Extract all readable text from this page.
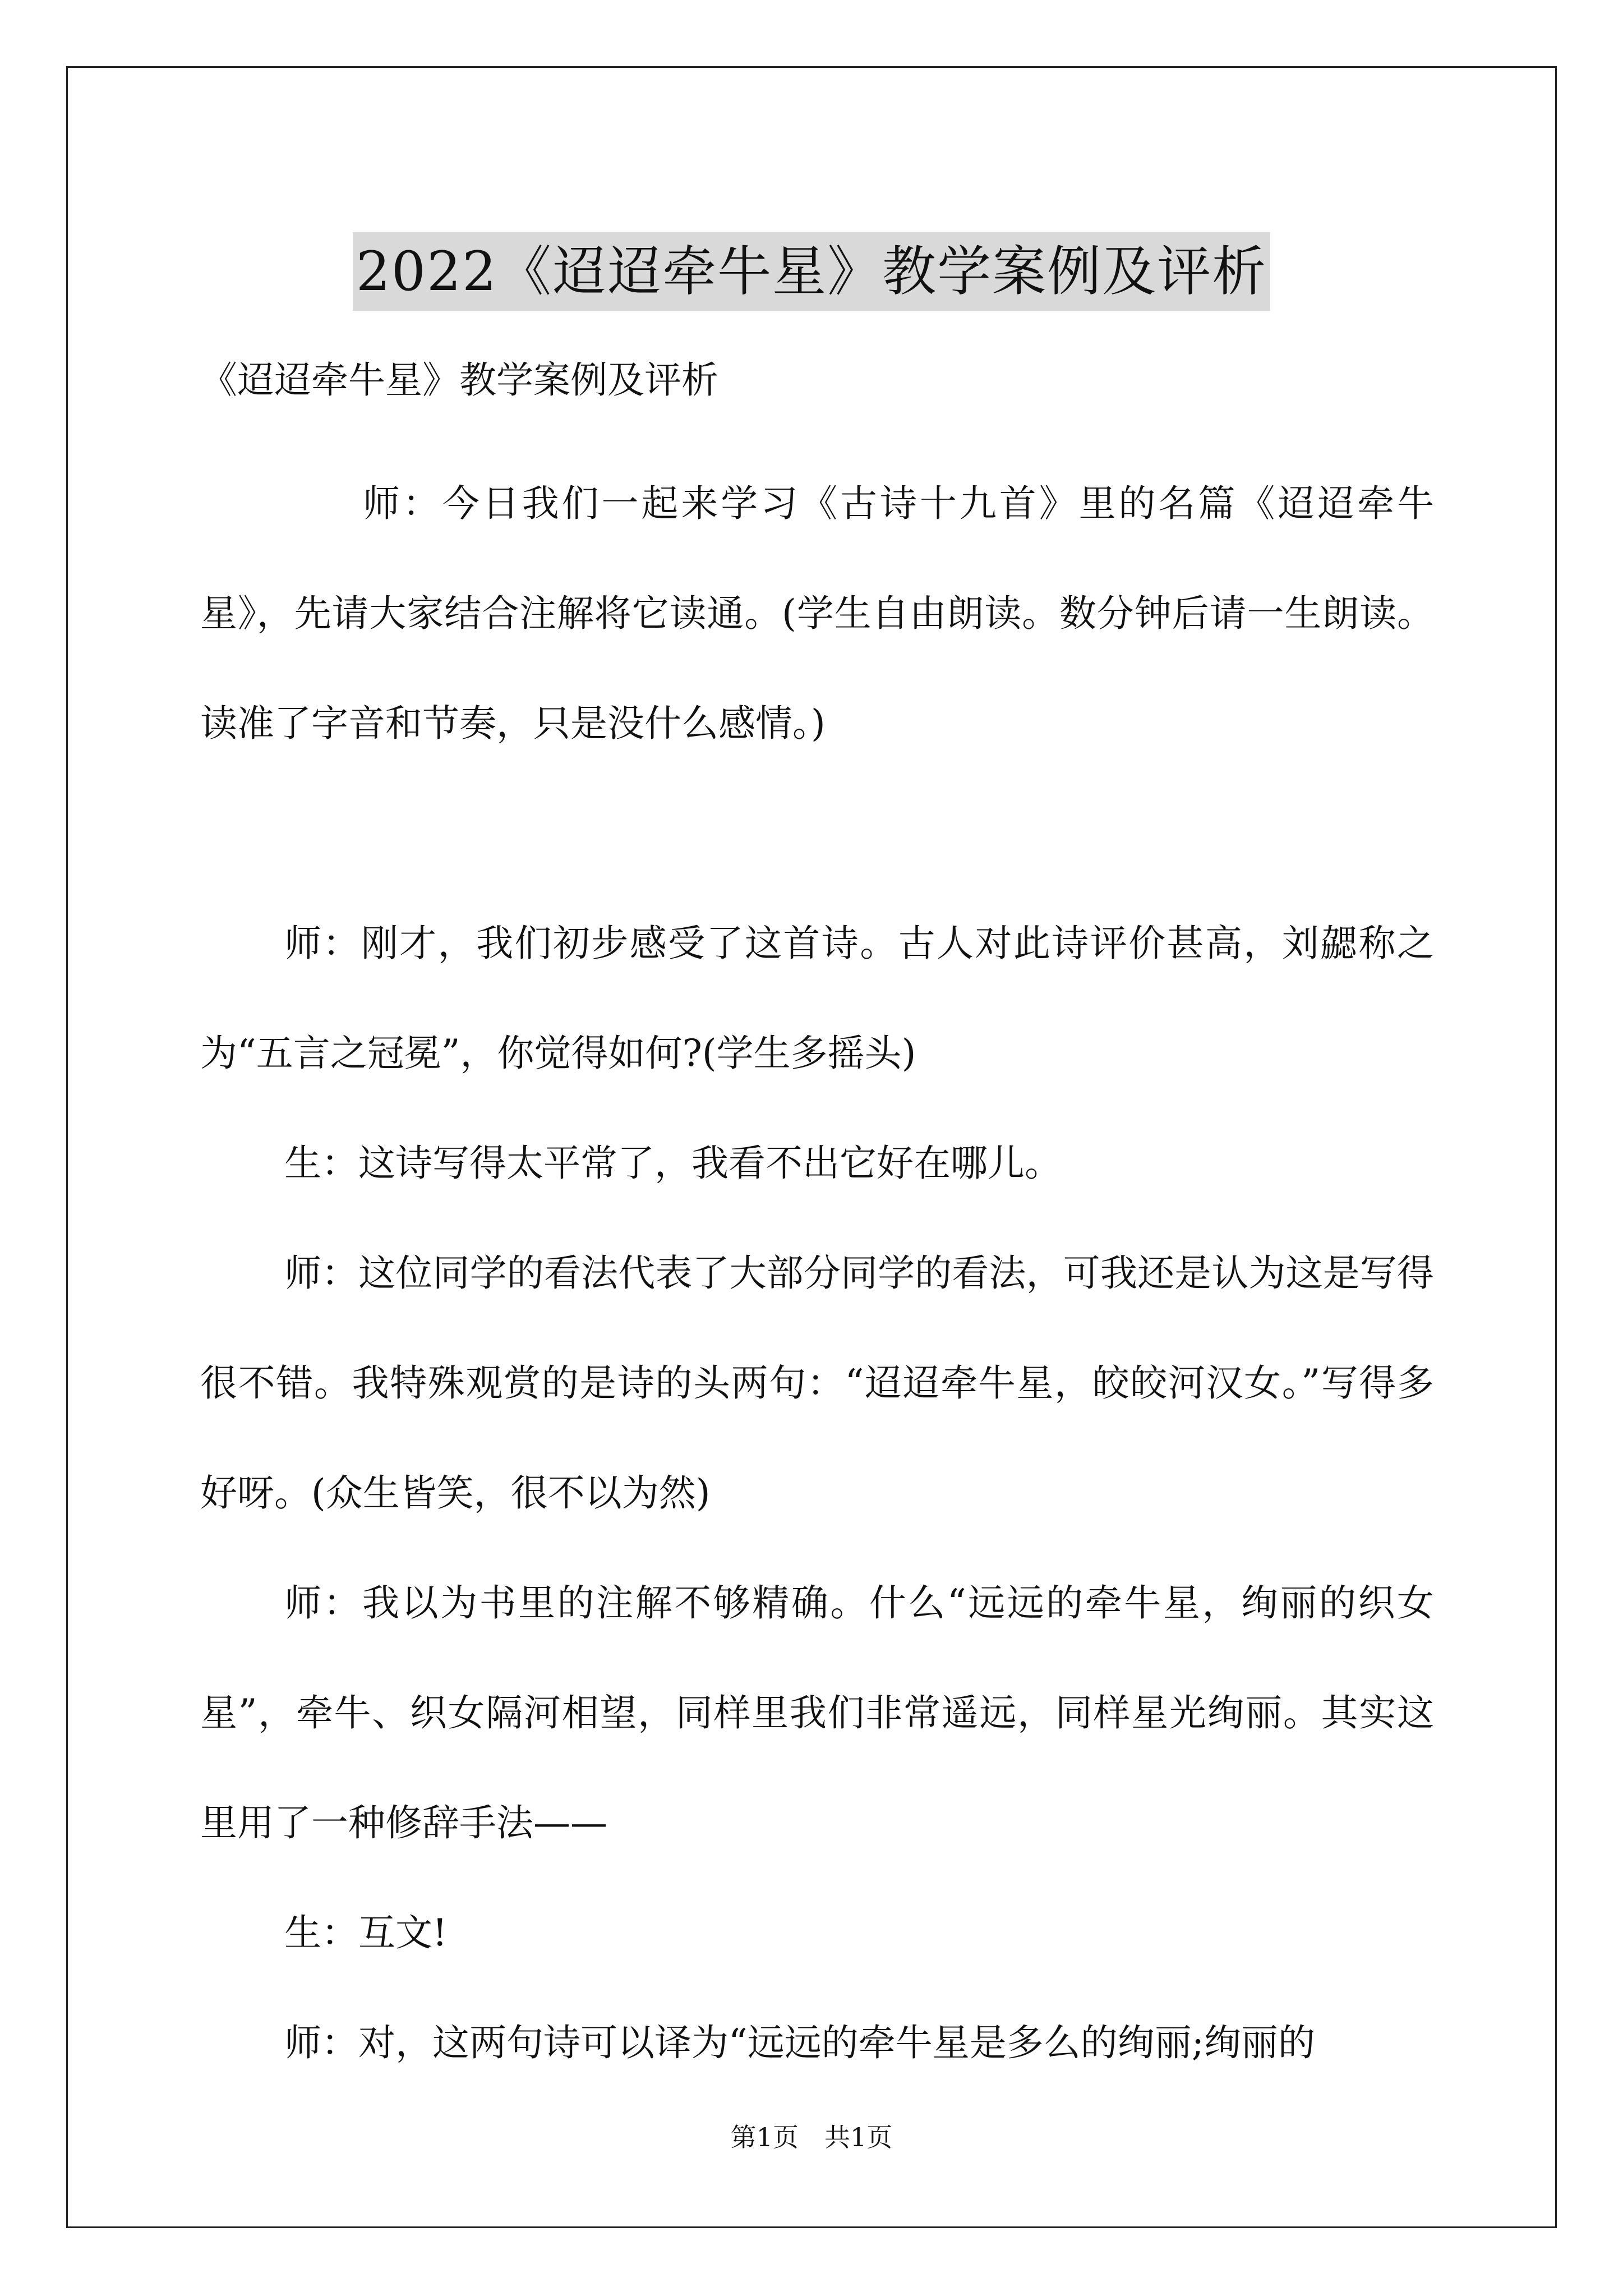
2022《迢迢牵牛星》教学案例及评析
《迢迢牵牛星》教学案例及评析

师：今日我们一起来学习《古诗十九首》里的名篇《迢迢牵牛星》，先请大家结合注解将它读通。(学生自由朗读。数分钟后请一生朗读。读准了字音和节奏，只是没什么感情。)

师：刚才，我们初步感受了这首诗。古人对此诗评价甚高，刘勰称之为“五言之冠冕”，你觉得如何?(学生多摇头)

生：这诗写得太平常了，我看不出它好在哪儿。

师：这位同学的看法代表了大部分同学的看法，可我还是认为这是写得很不错。我特殊观赏的是诗的头两句：“迢迢牵牛星，皎皎河汉女。”写得多好呀。(众生皆笑，很不以为然)

师：我以为书里的注解不够精确。什么“远远的牵牛星，绚丽的织女星”，牵牛、织女隔河相望，同样里我们非常遥远，同样星光绚丽。其实这里用了一种修辞手法——

生：互文!

师：对，这两句诗可以译为“远远的牵牛星是多么的绚丽;绚丽的

第1页　共1页
